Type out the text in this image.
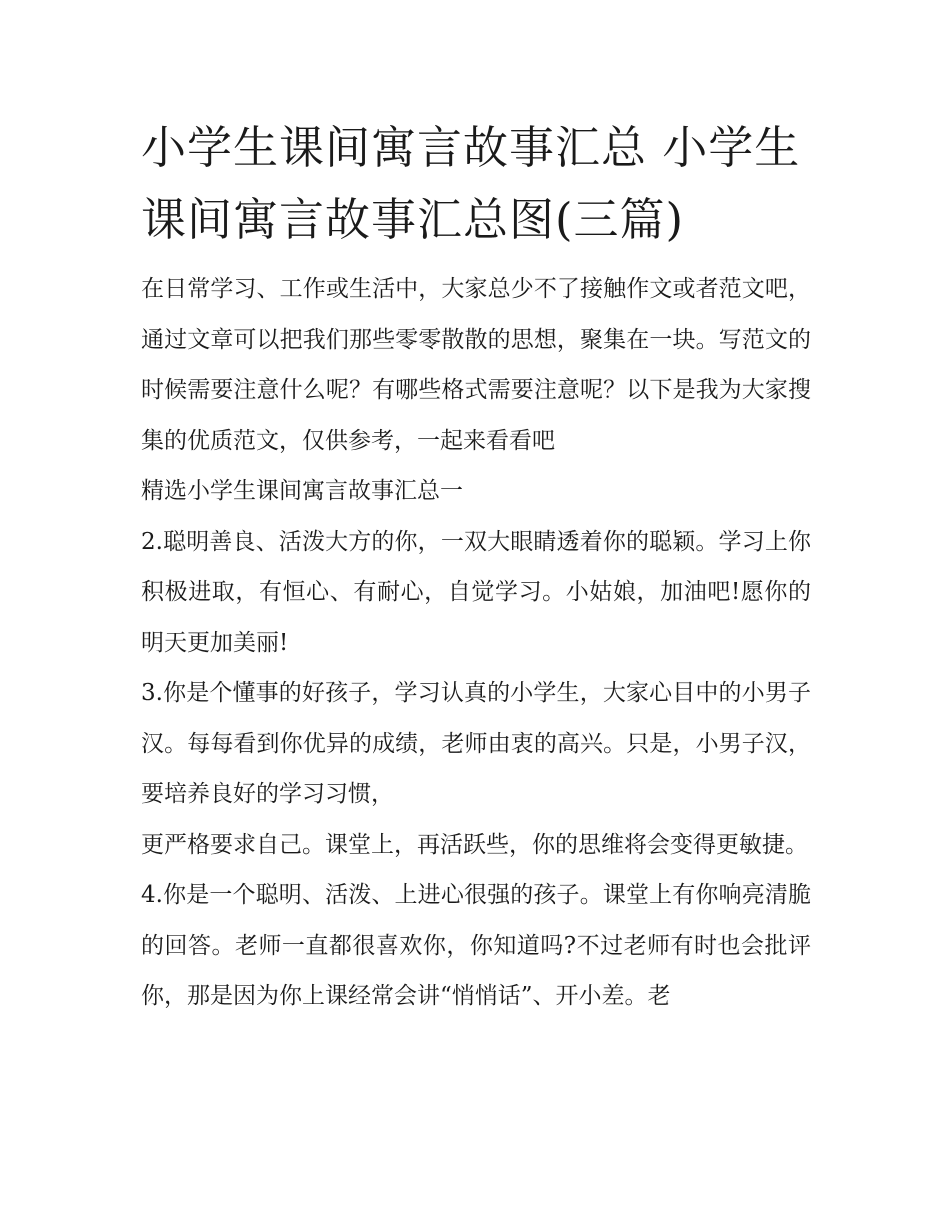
小学生课间寓言故事汇总 小学生课间寓言故事汇总图(三篇)

在日常学习、工作或生活中，大家总少不了接触作文或者范文吧，通过文章可以把我们那些零零散散的思想，聚集在一块。写范文的时候需要注意什么呢？有哪些格式需要注意呢？以下是我为大家搜集的优质范文，仅供参考，一起来看看吧

精选小学生课间寓言故事汇总一

2.聪明善良、活泼大方的你，一双大眼睛透着你的聪颖。学习上你积极进取，有恒心、有耐心，自觉学习。小姑娘，加油吧!愿你的明天更加美丽!

3.你是个懂事的好孩子，学习认真的小学生，大家心目中的小男子汉。每每看到你优异的成绩，老师由衷的高兴。只是，小男子汉，要培养良好的学习习惯，

更严格要求自己。课堂上，再活跃些，你的思维将会变得更敏捷。

4.你是一个聪明、活泼、上进心很强的孩子。课堂上有你响亮清脆的回答。老师一直都很喜欢你，你知道吗?不过老师有时也会批评你，那是因为你上课经常会讲“悄悄话”、开小差。老
